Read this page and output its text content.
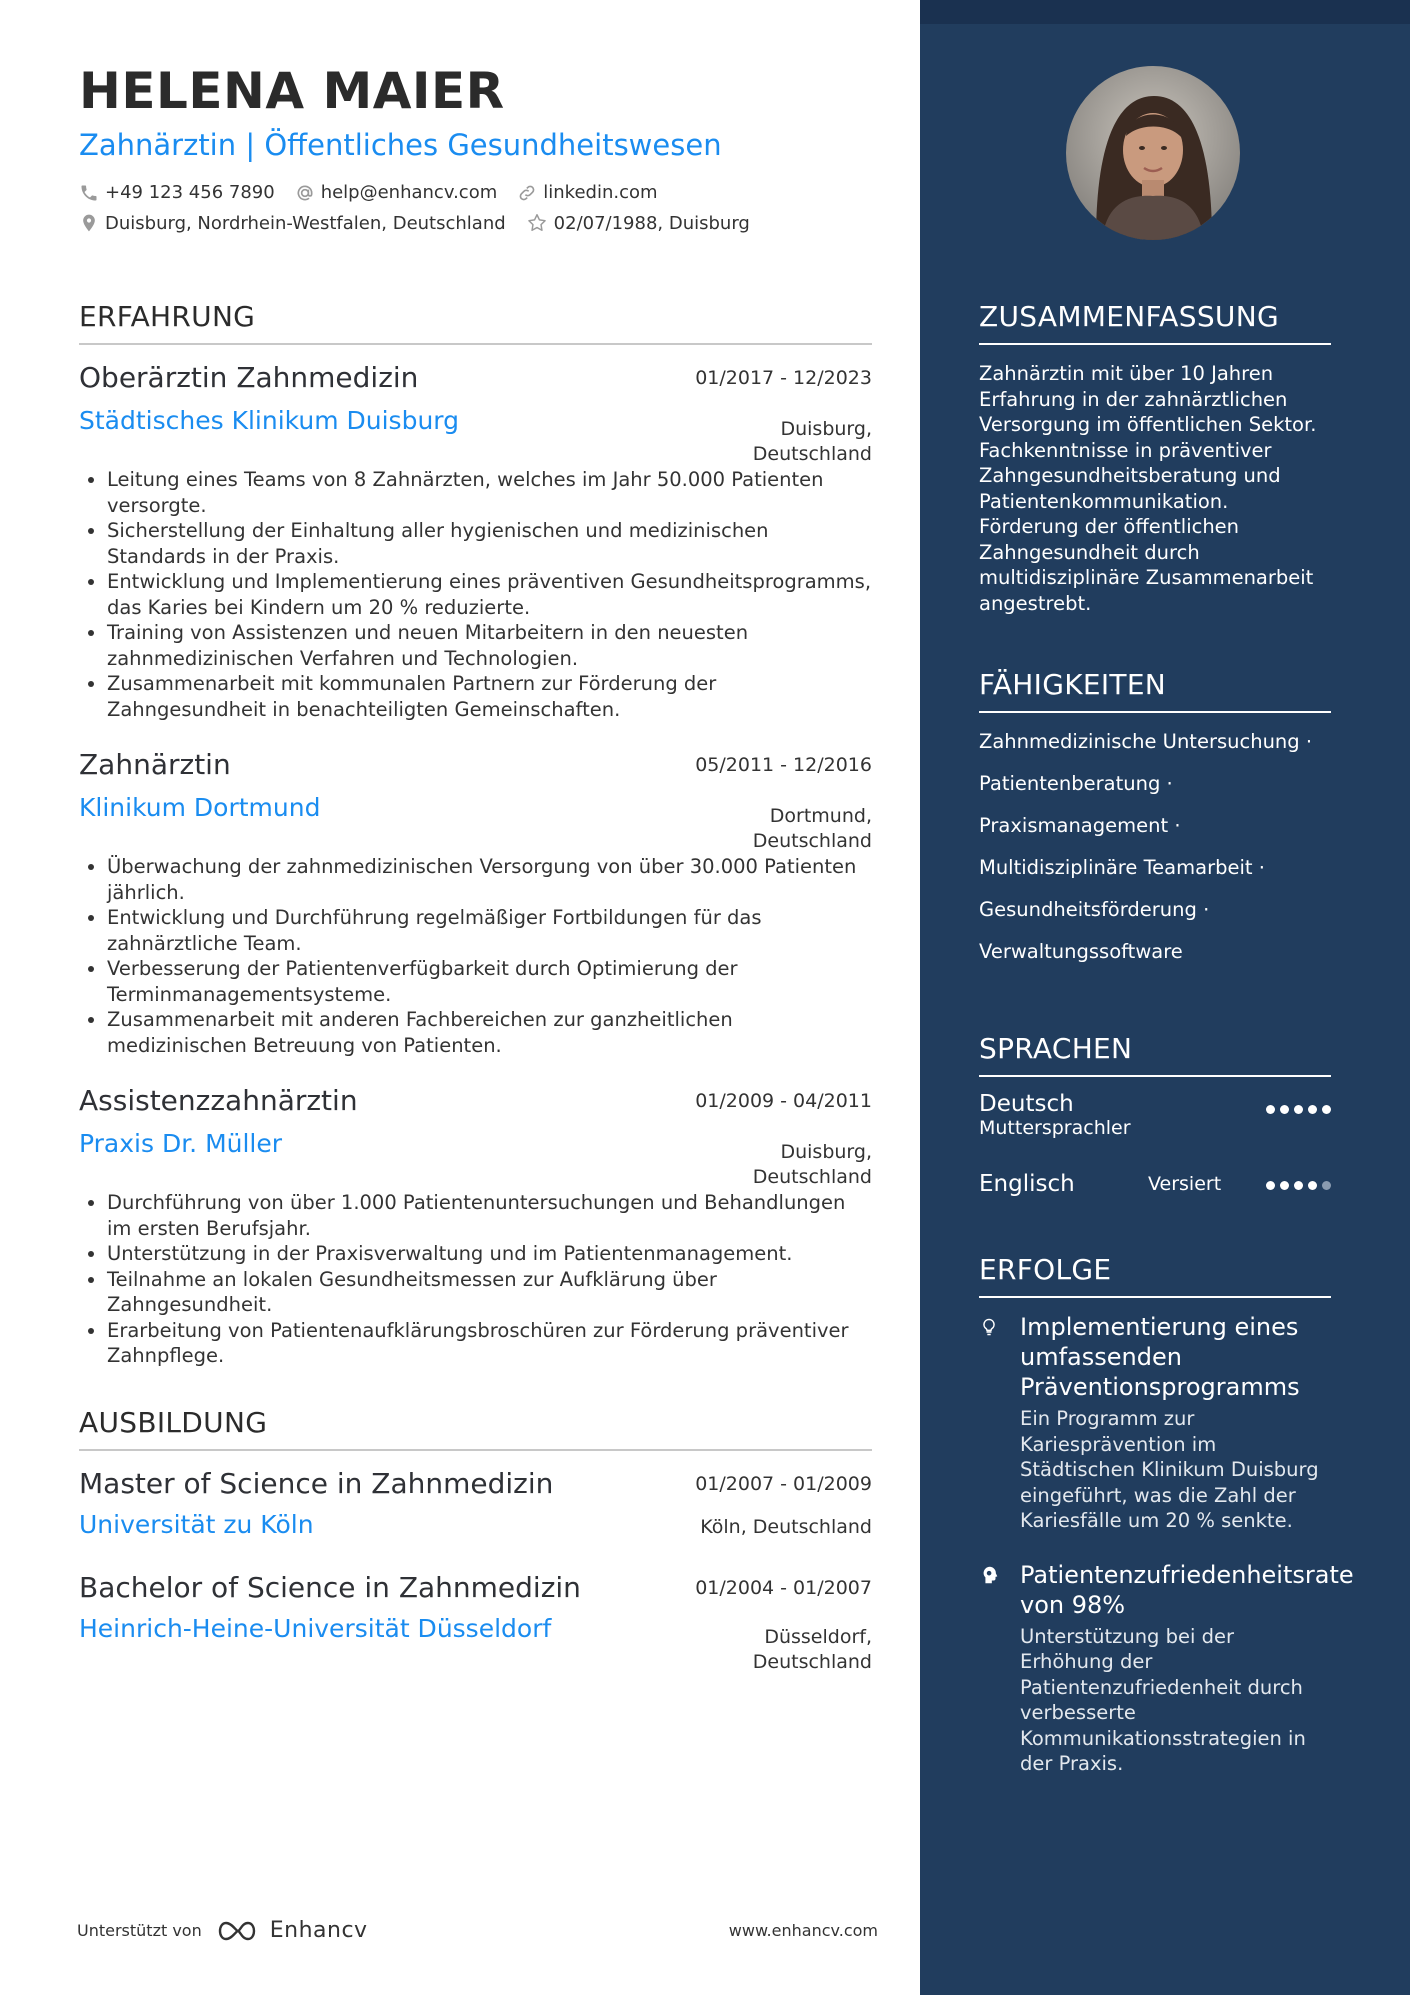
HELENA MAIER
Zahnärztin | Öffentliches Gesundheitswesen
+49 123 456 7890	help@enhancv.com	linkedin.com
Duisburg, Nordrhein-Westfalen, Deutschland	02/07/1988, Duisburg
ERFAHRUNG
Oberärztin Zahnmedizin	01/2017 - 12/2023
Städtisches Klinikum Duisburg	Duisburg,
Deutschland
• Leitung eines Teams von 8 Zahnärzten, welches im Jahr 50.000 Patienten versorgte.
• Sicherstellung der Einhaltung aller hygienischen und medizinischen Standards in der Praxis.
• Entwicklung und Implementierung eines präventiven Gesundheitsprogramms, das Karies bei Kindern um 20 % reduzierte.
• Training von Assistenzen und neuen Mitarbeitern in den neuesten zahnmedizinischen Verfahren und Technologien.
• Zusammenarbeit mit kommunalen Partnern zur Förderung der Zahngesundheit in benachteiligten Gemeinschaften.
Zahnärztin	05/2011 - 12/2016
Klinikum Dortmund	Dortmund,
Deutschland
• Überwachung der zahnmedizinischen Versorgung von über 30.000 Patienten jährlich.
• Entwicklung und Durchführung regelmäßiger Fortbildungen für das zahnärztliche Team.
• Verbesserung der Patientenverfügbarkeit durch Optimierung der Terminmanagementsysteme.
• Zusammenarbeit mit anderen Fachbereichen zur ganzheitlichen medizinischen Betreuung von Patienten.
Assistenzzahnärztin	01/2009 - 04/2011
Praxis Dr. Müller	Duisburg,
Deutschland
• Durchführung von über 1.000 Patientenuntersuchungen und Behandlungen im ersten Berufsjahr.
• Unterstützung in der Praxisverwaltung und im Patientenmanagement.
• Teilnahme an lokalen Gesundheitsmessen zur Aufklärung über Zahngesundheit.
• Erarbeitung von Patientenaufklärungsbroschüren zur Förderung präventiver Zahnpflege.
AUSBILDUNG
Master of Science in Zahnmedizin	01/2007 - 01/2009
Universität zu Köln	Köln, Deutschland
Bachelor of Science in Zahnmedizin	01/2004 - 01/2007
Heinrich-Heine-Universität Düsseldorf	Düsseldorf,
Deutschland
ZUSAMMENFASSUNG
Zahnärztin mit über 10 Jahren Erfahrung in der zahnärztlichen Versorgung im öffentlichen Sektor. Fachkenntnisse in präventiver Zahngesundheitsberatung und Patientenkommunikation. Förderung der öffentlichen Zahngesundheit durch multidisziplinäre Zusammenarbeit angestrebt.
FÄHIGKEITEN
Zahnmedizinische Untersuchung ·
Patientenberatung ·
Praxismanagement ·
Multidisziplinäre Teamarbeit ·
Gesundheitsförderung ·
Verwaltungssoftware
SPRACHEN
Deutsch
Muttersprachler
Englisch	Versiert
ERFOLGE
Implementierung eines umfassenden Präventionsprogramms
Ein Programm zur Kariesprävention im Städtischen Klinikum Duisburg eingeführt, was die Zahl der Kariesfälle um 20 % senkte.
Patientenzufriedenheitsrate von 98%
Unterstützung bei der Erhöhung der Patientenzufriedenheit durch verbesserte Kommunikationsstrategien in der Praxis.
Unterstützt von	Enhancv	www.enhancv.com
